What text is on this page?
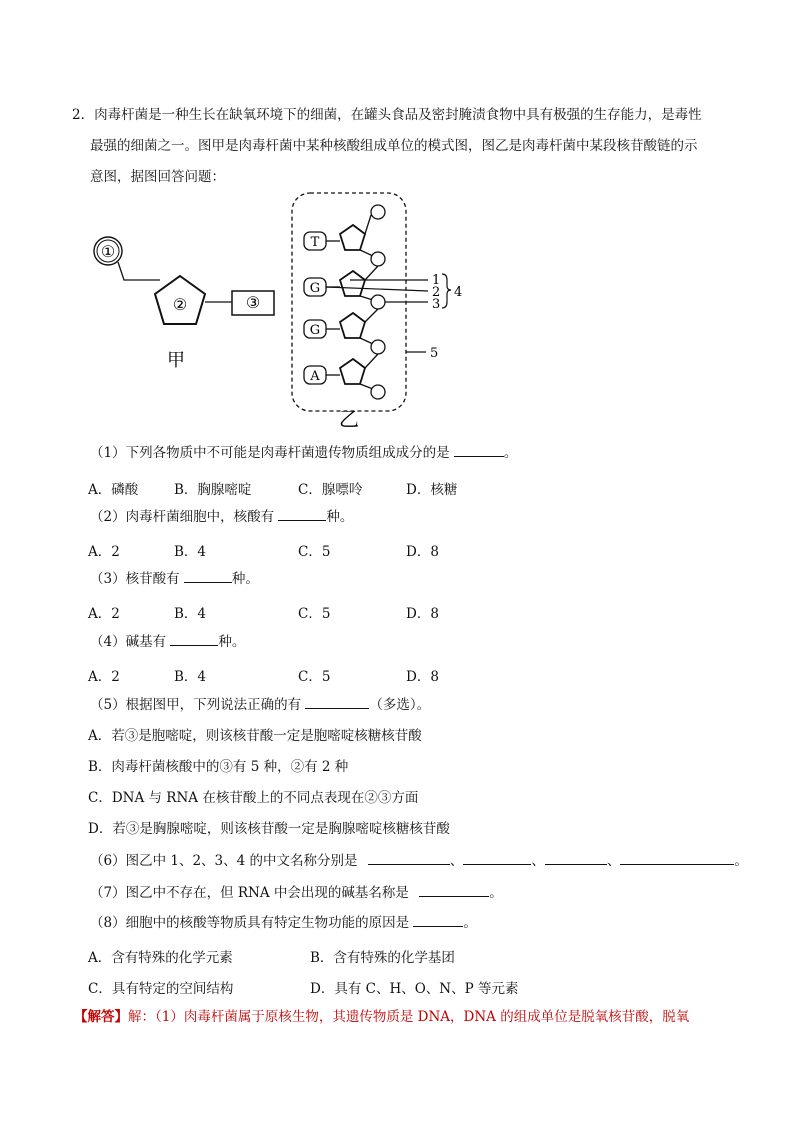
2．肉毒杆菌是一种生长在缺氧环境下的细菌，在罐头食品及密封腌渍食物中具有极强的生存能力，是毒性
最强的细菌之一。图甲是肉毒杆菌中某种核酸组成单位的模式图，图乙是肉毒杆菌中某段核苷酸链的示
意图，据图回答问题：
①
②	③
甲
T
G
G
A
1
2
3
4
5
乙
（1）下列各物质中不可能是肉毒杆菌遗传物质组成成分的是	。
A．磷酸	B．胸腺嘧啶	C．腺嘌呤	D．核糖
（2）肉毒杆菌细胞中，核酸有	种。
A．2	B．4	C．5	D．8
（3）核苷酸有	种。
A．2	B．4	C．5	D．8
（4）碱基有	种。
A．2	B．4	C．5	D．8
（5）根据图甲，下列说法正确的有	（多选）。
A．若③是胞嘧啶，则该核苷酸一定是胞嘧啶核糖核苷酸
B．肉毒杆菌核酸中的③有 5 种，②有 2 种
C．DNA 与 RNA 在核苷酸上的不同点表现在②③方面
D．若③是胸腺嘧啶，则该核苷酸一定是胸腺嘧啶核糖核苷酸
（6）图乙中 1、2、3、4 的中文名称分别是	、	、	、	。
（7）图乙中不存在，但 RNA 中会出现的碱基名称是	。
（8）细胞中的核酸等物质具有特定生物功能的原因是	。
A．含有特殊的化学元素	B．含有特殊的化学基团
C．具有特定的空间结构	D．具有 C、H、O、N、P 等元素
【解答】解：（1）肉毒杆菌属于原核生物，其遗传物质是 DNA，DNA 的组成单位是脱氧核苷酸，脱氧
